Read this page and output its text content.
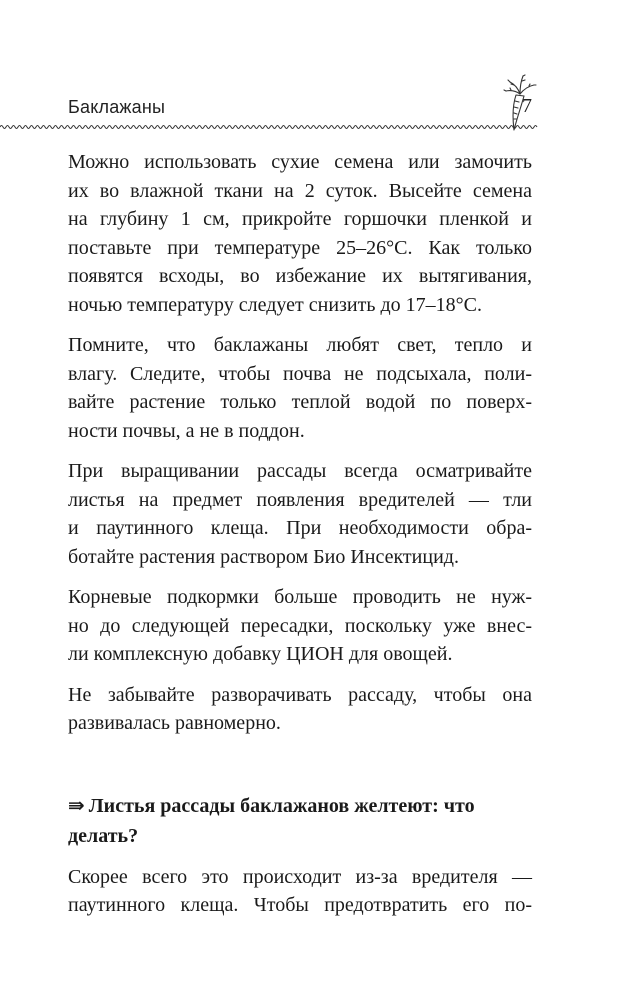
Баклажаны	7

Можно использовать сухие семена или замочить
их во влажной ткани на 2 суток. Высейте семена
на глубину 1 см, прикройте горшочки пленкой и
поставьте при температуре 25–26°С. Как только
появятся всходы, во избежание их вытягивания,
ночью температуру следует снизить до 17–18°С.

Помните, что баклажаны любят свет, тепло и
влагу. Следите, чтобы почва не подсыхала, поли-
вайте растение только теплой водой по поверх-
ности почвы, а не в поддон.

При выращивании рассады всегда осматривайте
листья на предмет появления вредителей — тли
и паутинного клеща. При необходимости обра-
ботайте растения раствором Био Инсектицид.

Корневые подкормки больше проводить не нуж-
но до следующей пересадки, поскольку уже внес-
ли комплексную добавку ЦИОН для овощей.

Не забывайте разворачивать рассаду, чтобы она
развивалась равномерно.

⇛ Листья рассады баклажанов желтеют: что
делать?

Скорее всего это происходит из-за вредителя —
паутинного клеща. Чтобы предотвратить его по-
